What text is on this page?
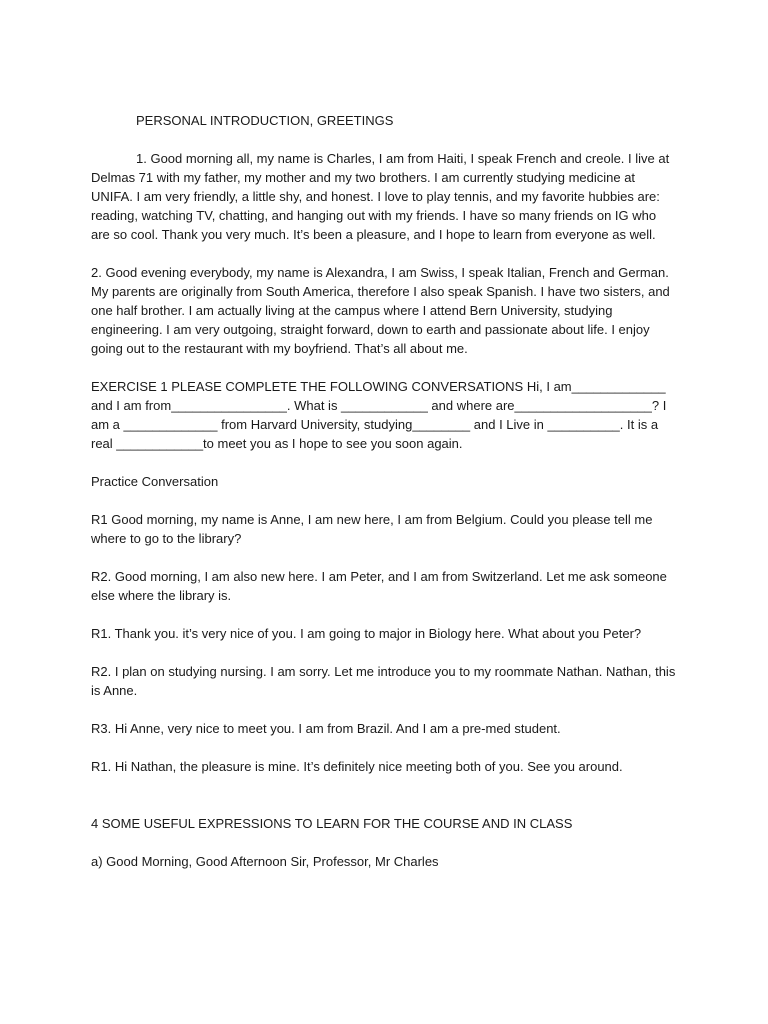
PERSONAL INTRODUCTION, GREETINGS

1. Good morning all, my name is Charles, I am from Haiti, I speak French and creole. I live at Delmas 71 with my father, my mother and my two brothers. I am currently studying medicine at UNIFA. I am very friendly, a little shy, and honest. I love to play tennis, and my favorite hubbies are: reading, watching TV, chatting, and hanging out with my friends. I have so many friends on IG who are so cool. Thank you very much. It’s been a pleasure, and I hope to learn from everyone as well.

2. Good evening everybody, my name is Alexandra, I am Swiss, I speak Italian, French and German. My parents are originally from South America, therefore I also speak Spanish. I have two sisters, and one half brother. I am actually living at the campus where I attend Bern University, studying engineering. I am very outgoing, straight forward, down to earth and passionate about life. I enjoy going out to the restaurant with my boyfriend. That’s all about me.

EXERCISE 1 PLEASE COMPLETE THE FOLLOWING CONVERSATIONS Hi, I am_____________ and I am from________________. What is ____________ and where are___________________? I am a _____________ from Harvard University, studying________ and I Live in __________. It is a real ____________to meet you as I hope to see you soon again.

Practice Conversation

R1 Good morning, my name is Anne, I am new here, I am from Belgium. Could you please tell me where to go to the library?

R2. Good morning, I am also new here. I am Peter, and I am from Switzerland. Let me ask someone else where the library is.

R1. Thank you. it’s very nice of you. I am going to major in Biology here. What about you Peter?

R2. I plan on studying nursing. I am sorry. Let me introduce you to my roommate Nathan. Nathan, this is Anne.

R3. Hi Anne, very nice to meet you. I am from Brazil. And I am a pre-med student.

R1. Hi Nathan, the pleasure is mine. It’s definitely nice meeting both of you. See you around.

4 SOME USEFUL EXPRESSIONS TO LEARN FOR THE COURSE AND IN CLASS

a) Good Morning, Good Afternoon Sir, Professor, Mr Charles
